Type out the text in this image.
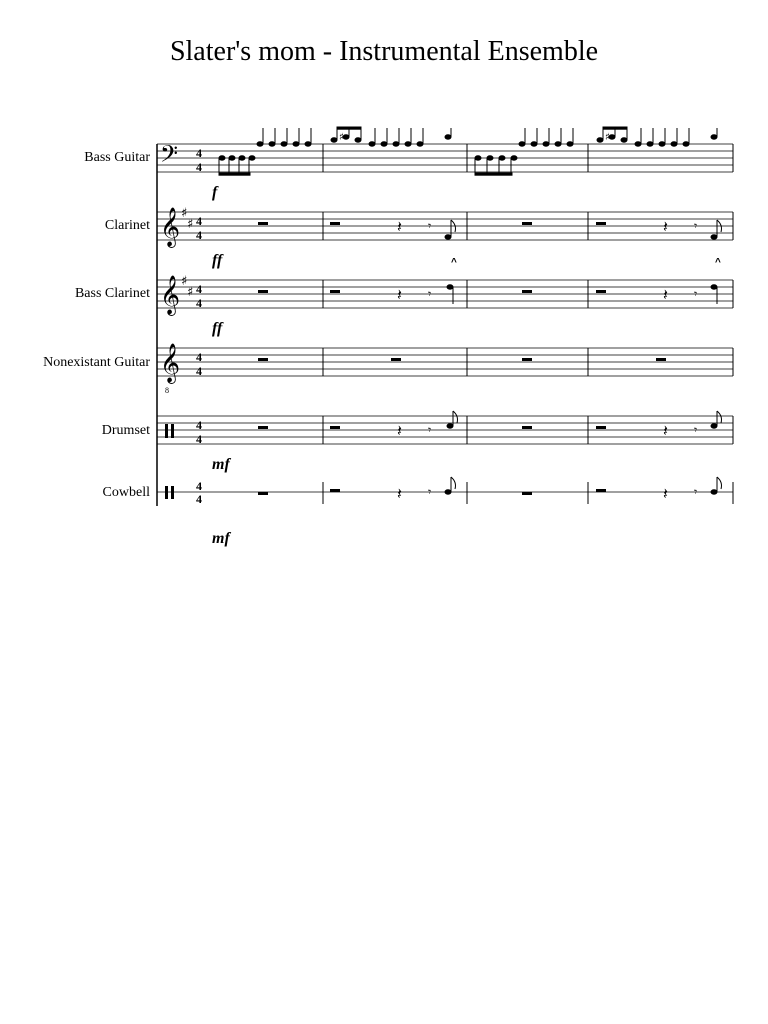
Slater's mom - Instrumental Ensemble
Bass Guitar
Clarinet
Bass Clarinet
Nonexistant Guitar
Drumset
Cowbell
f
ff
ff
mf
mf
𝄢
𝄞
𝄞
𝄞
8
♯
♯
♯
♯
4
4
4
4
4
4
4
4
4
4
4
4
♯	♯
𝄽	𝄽
𝄽	𝄽
𝄽	𝄽
𝄽	𝄽
𝄾	𝄾
𝄾	𝄾
𝄾	𝄾
𝄾	𝄾
^	^
